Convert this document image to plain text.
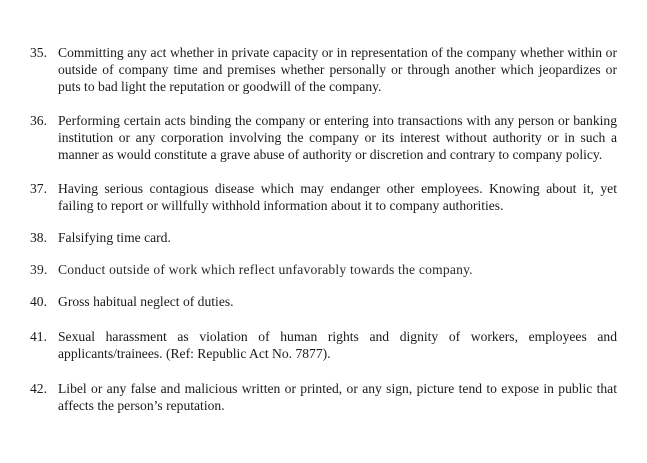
35. Committing any act whether in private capacity or in representation of the company whether within or outside of company time and premises whether personally or through another which jeopardizes or puts to bad light the reputation or goodwill of the company.
36. Performing certain acts binding the company or entering into transactions with any person or banking institution or any corporation involving the company or its interest without authority or in such a manner as would constitute a grave abuse of authority or discretion and contrary to company policy.
37. Having serious contagious disease which may endanger other employees. Knowing about it, yet failing to report or willfully withhold information about it to company authorities.
38. Falsifying time card.
39. Conduct outside of work which reflect unfavorably towards the company.
40. Gross habitual neglect of duties.
41. Sexual harassment as violation of human rights and dignity of workers, employees and applicants/trainees. (Ref: Republic Act No. 7877).
42. Libel or any false and malicious written or printed, or any sign, picture tend to expose in public that affects the person’s reputation.
